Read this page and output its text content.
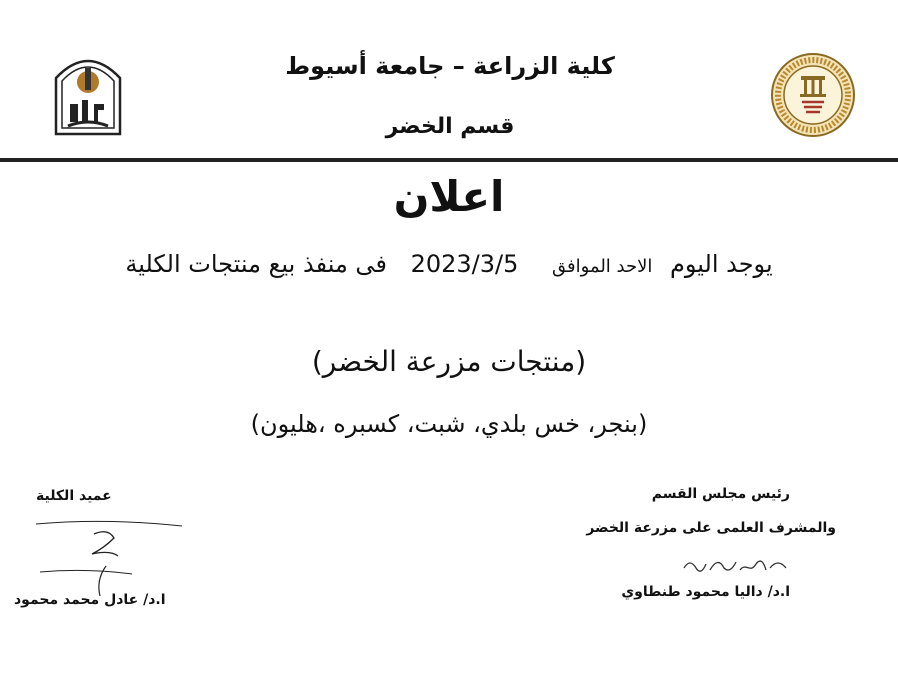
كلية الزراعة – جامعة أسيوط
قسم الخضر
اعلان
فى منفذ بيع منتجات الكلية 2023/3/5 الاحد الموافق يوجد اليوم
(منتجات مزرعة الخضر)
(بنجر، خس بلدي، شبت، كسبره ،هليون)
رئيس مجلس القسم
والمشرف العلمى على مزرعة الخضر
ا.د/ داليا محمود طنطاوي
عميد الكلية
ا.د/ عادل محمد محمود
